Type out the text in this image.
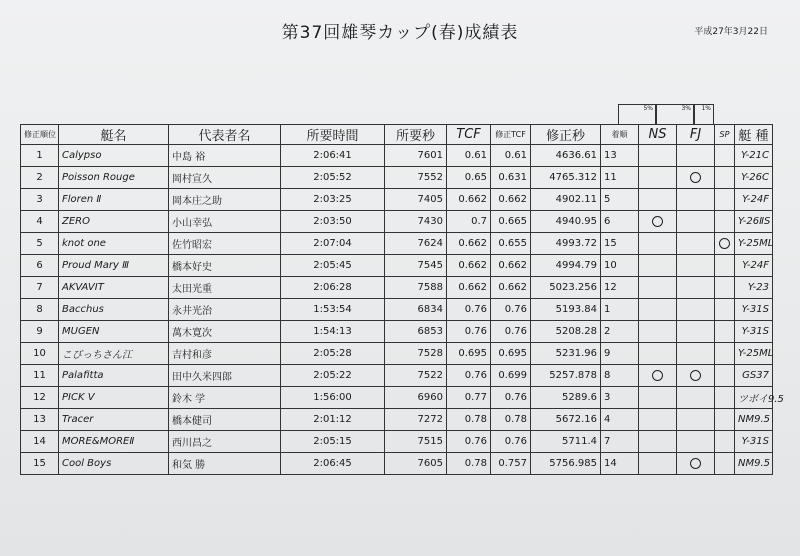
第37回雄琴カップ(春)成績表	平成27年3月22日
5%	3%	1%
修正順位	艇名	代表者名	所要時間	所要秒	TCF	修正TCF	修正秒	着順	NS	FJ	SP	艇 種
1	Calypso	中島 裕	2:06:41	7601	0.61	0.61	4636.61	13				Y-21C
2	Poisson Rouge	岡村宣久	2:05:52	7552	0.65	0.631	4765.312	11				Y-26C
3	Floren Ⅱ	岡本庄之助	2:03:25	7405	0.662	0.662	4902.11	5				Y-24F
4	ZERO	小山幸弘	2:03:50	7430	0.7	0.665	4940.95	6				Y-26ⅡS
5	knot one	佐竹昭宏	2:07:04	7624	0.662	0.655	4993.72	15				Y-25ML
6	Proud Mary Ⅲ	橋本好史	2:05:45	7545	0.662	0.662	4994.79	10				Y-24F
7	AKVAVIT	太田光重	2:06:28	7588	0.662	0.662	5023.256	12				Y-23
8	Bacchus	永井光治	1:53:54	6834	0.76	0.76	5193.84	1				Y-31S
9	MUGEN	萬木寛次	1:54:13	6853	0.76	0.76	5208.28	2				Y-31S
10	こびっちさん江	吉村和彦	2:05:28	7528	0.695	0.695	5231.96	9				Y-25ML
11	Palafitta	田中久米四郎	2:05:22	7522	0.76	0.699	5257.878	8				GS37
12	PICK Ⅴ	鈴木 学	1:56:00	6960	0.77	0.76	5289.6	3				ツボイ9.5
13	Tracer	橋本健司	2:01:12	7272	0.78	0.78	5672.16	4				NM9.5
14	MORE&MOREⅡ	西川昌之	2:05:15	7515	0.76	0.76	5711.4	7				Y-31S
15	Cool Boys	和気 勝	2:06:45	7605	0.78	0.757	5756.985	14				NM9.5
